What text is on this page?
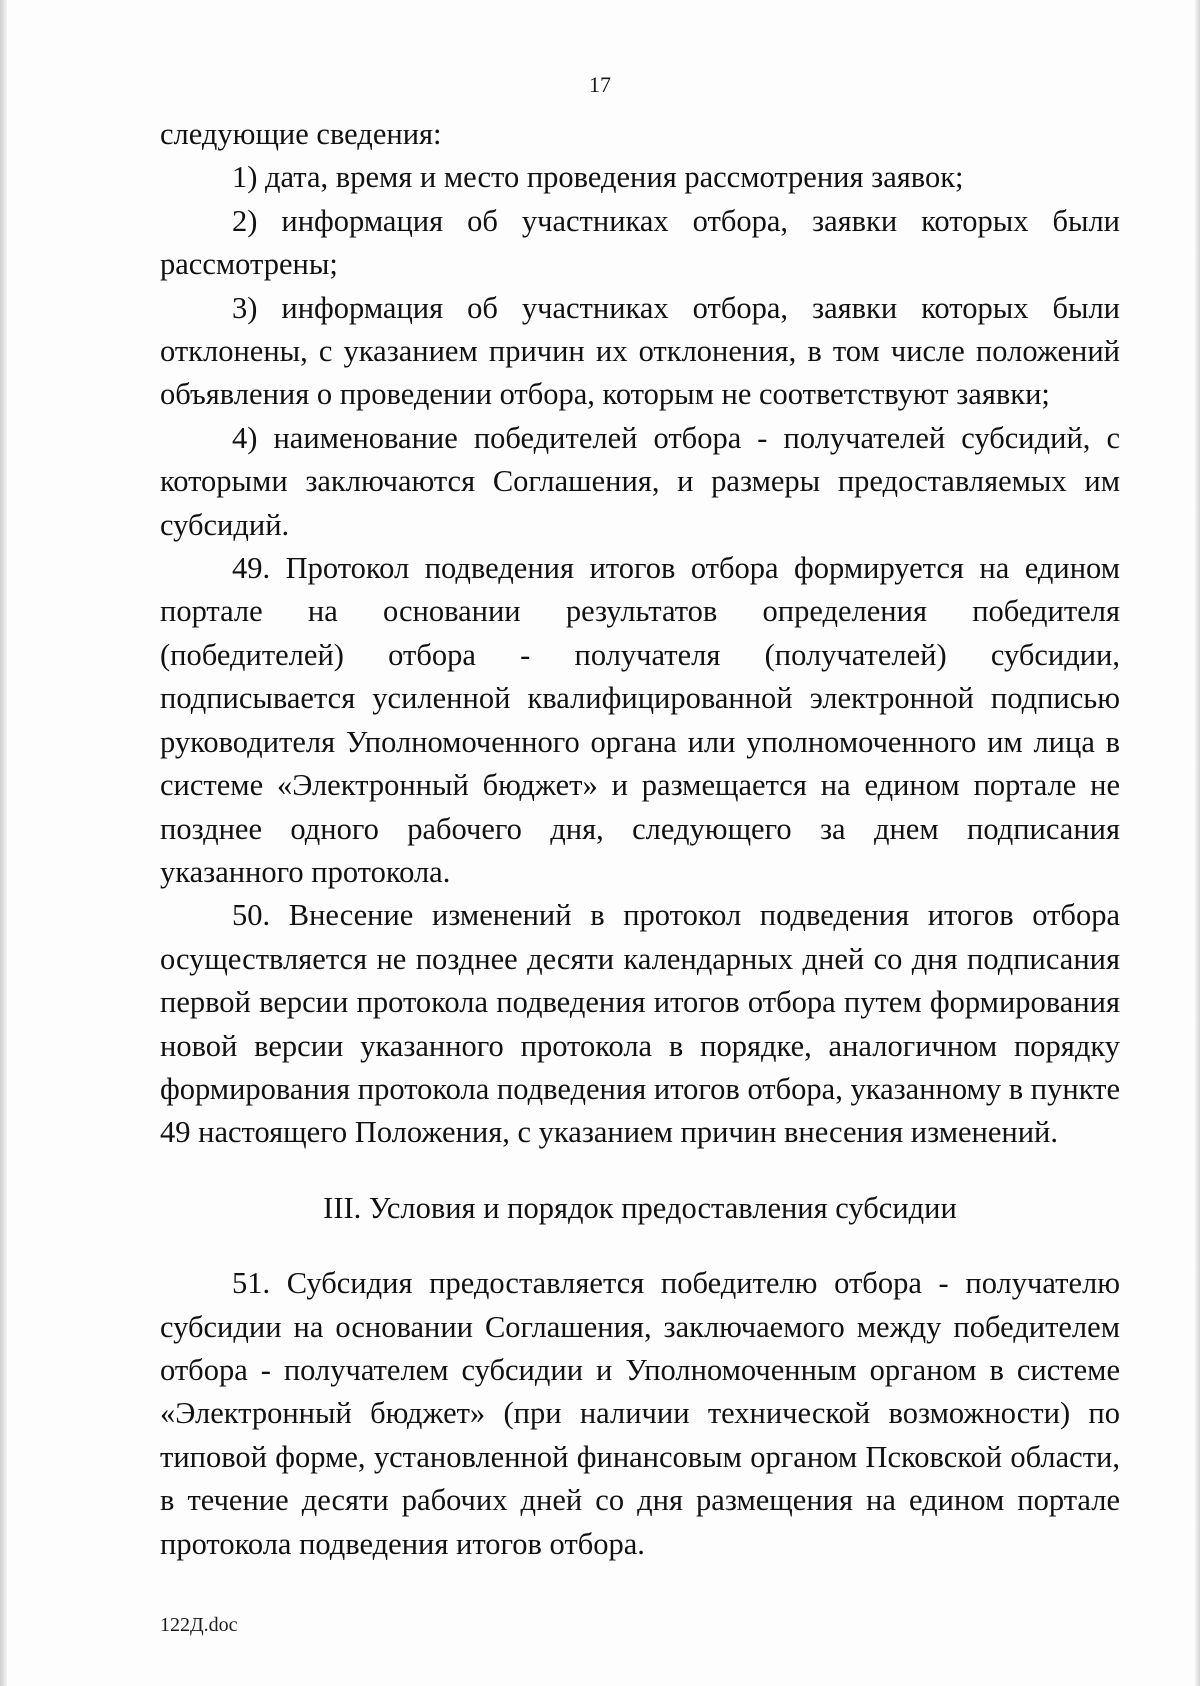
17

следующие сведения:

1) дата, время и место проведения рассмотрения заявок;

2) информация об участниках отбора, заявки которых были рассмотрены;

3) информация об участниках отбора, заявки которых были отклонены, с указанием причин их отклонения, в том числе положений объявления о проведении отбора, которым не соответствуют заявки;

4) наименование победителей отбора - получателей субсидий, с которыми заключаются Соглашения, и размеры предоставляемых им субсидий.

49. Протокол подведения итогов отбора формируется на едином портале на основании результатов определения победителя (победителей) отбора - получателя (получателей) субсидии, подписывается усиленной квалифицированной электронной подписью руководителя Уполномоченного органа или уполномоченного им лица в системе «Электронный бюджет» и размещается на едином портале не позднее одного рабочего дня, следующего за днем подписания указанного протокола.

50. Внесение изменений в протокол подведения итогов отбора осуществляется не позднее десяти календарных дней со дня подписания первой версии протокола подведения итогов отбора путем формирования новой версии указанного протокола в порядке, аналогичном порядку формирования протокола подведения итогов отбора, указанному в пункте 49 настоящего Положения, с указанием причин внесения изменений.

III. Условия и порядок предоставления субсидии

51. Субсидия предоставляется победителю отбора - получателю субсидии на основании Соглашения, заключаемого между победителем отбора - получателем субсидии и Уполномоченным органом в системе «Электронный бюджет» (при наличии технической возможности) по типовой форме, установленной финансовым органом Псковской области, в течение десяти рабочих дней со дня размещения на едином портале протокола подведения итогов отбора.

122Д.doc
